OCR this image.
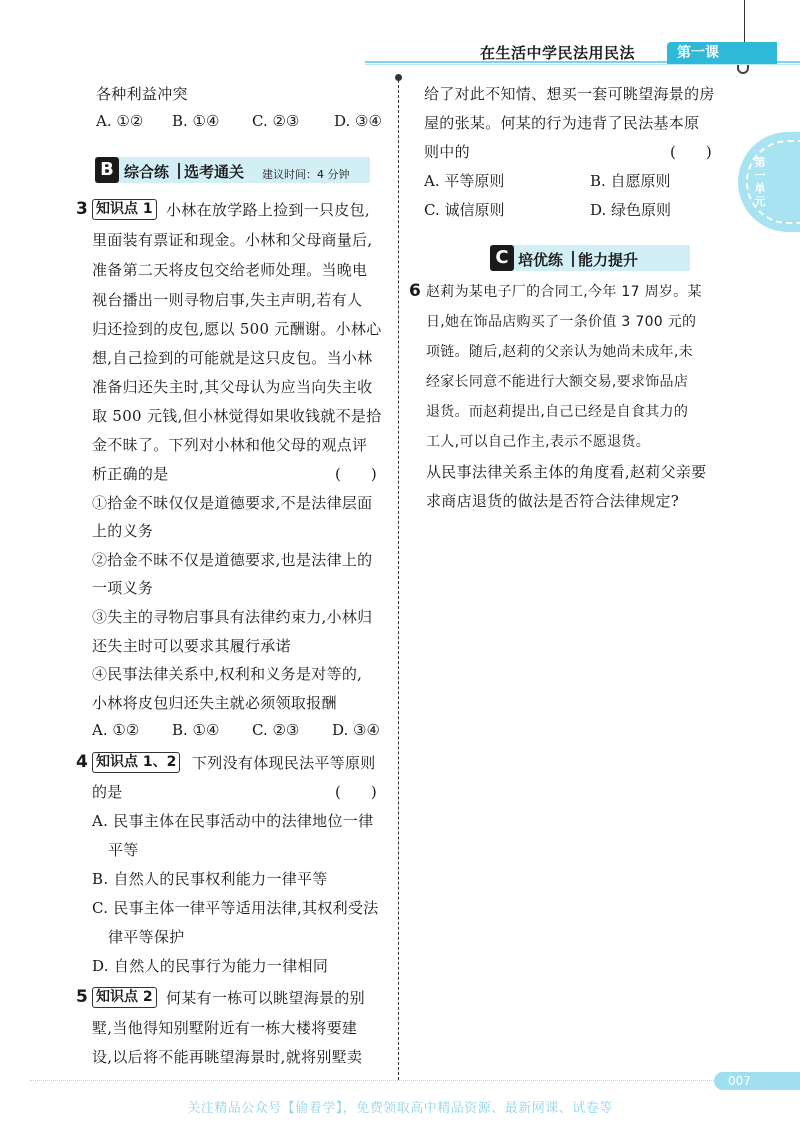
在生活中学民法用民法	第一课
第一单元
各种利益冲突
A. ①② B. ①④ C. ②③ D. ③④
B 综合练 选考通关 建议时间：4 分钟
3 知识点 1 小林在放学路上捡到一只皮包,
里面装有票证和现金。小林和父母商量后,
准备第二天将皮包交给老师处理。当晚电
视台播出一则寻物启事,失主声明,若有人
归还捡到的皮包,愿以 500 元酬谢。小林心
想,自己捡到的可能就是这只皮包。当小林
准备归还失主时,其父母认为应当向失主收
取 500 元钱,但小林觉得如果收钱就不是拾
金不昧了。下列对小林和他父母的观点评
析正确的是	(　　)
①拾金不昧仅仅是道德要求,不是法律层面
上的义务
②拾金不昧不仅是道德要求,也是法律上的
一项义务
③失主的寻物启事具有法律约束力,小林归
还失主时可以要求其履行承诺
④民事法律关系中,权利和义务是对等的,
小林将皮包归还失主就必须领取报酬
A. ①② B. ①④ C. ②③ D. ③④
4 知识点 1、2 下列没有体现民法平等原则
的是	(　　)
A. 民事主体在民事活动中的法律地位一律
平等
B. 自然人的民事权利能力一律平等
C. 民事主体一律平等适用法律,其权利受法
律平等保护
D. 自然人的民事行为能力一律相同
5 知识点 2 何某有一栋可以眺望海景的别
墅,当他得知别墅附近有一栋大楼将要建
设,以后将不能再眺望海景时,就将别墅卖
给了对此不知情、想买一套可眺望海景的房
屋的张某。何某的行为违背了民法基本原
则中的	(　　)
A. 平等原则	B. 自愿原则
C. 诚信原则	D. 绿色原则
C 培优练 能力提升
6 赵莉为某电子厂的合同工,今年 17 周岁。某
日,她在饰品店购买了一条价值 3 700 元的
项链。随后,赵莉的父亲认为她尚未成年,未
经家长同意不能进行大额交易,要求饰品店
退货。而赵莉提出,自己已经是自食其力的
工人,可以自己作主,表示不愿退货。
从民事法律关系主体的角度看,赵莉父亲要
求商店退货的做法是否符合法律规定?
007
关注精品公众号【偷着学】，免费领取高中精品资源、最新网课、试卷等
